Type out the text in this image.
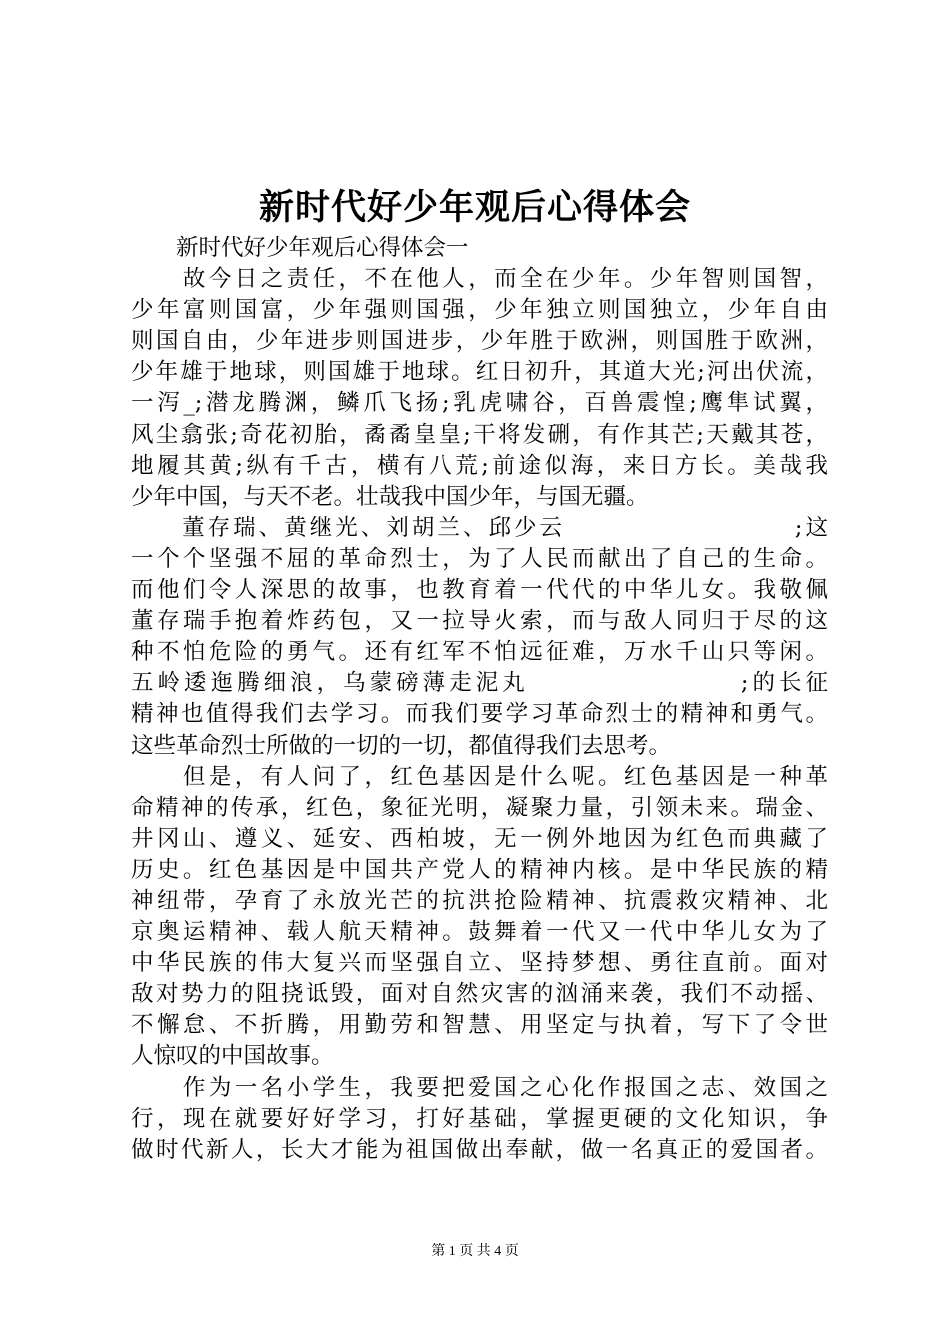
新时代好少年观后心得体会
　　新时代好少年观后心得体会一
　　故今日之责任，不在他人，而全在少年。少年智则国智，
少年富则国富，少年强则国强，少年独立则国独立，少年自由
则国自由，少年进步则国进步，少年胜于欧洲，则国胜于欧洲，
少年雄于地球，则国雄于地球。红日初升，其道大光;河出伏流，
一泻_;潜龙腾渊，鳞爪飞扬;乳虎啸谷，百兽震惶;鹰隼试翼，
风尘翕张;奇花初胎，矞矞皇皇;干将发硎，有作其芒;天戴其苍，
地履其黄;纵有千古，横有八荒;前途似海，来日方长。美哉我
少年中国，与天不老。壮哉我中国少年，与国无疆。
　　董存瑞、黄继光、刘胡兰、邱少云　　　　　　　　　;这
一个个坚强不屈的革命烈士，为了人民而献出了自己的生命。
而他们令人深思的故事，也教育着一代代的中华儿女。我敬佩
董存瑞手抱着炸药包，又一拉导火索，而与敌人同归于尽的这
种不怕危险的勇气。还有红军不怕远征难，万水千山只等闲。
五岭逶迤腾细浪，乌蒙磅薄走泥丸　　　　　　　　;的长征
精神也值得我们去学习。而我们要学习革命烈士的精神和勇气。
这些革命烈士所做的一切的一切，都值得我们去思考。
　　但是，有人问了，红色基因是什么呢。红色基因是一种革
命精神的传承，红色，象征光明，凝聚力量，引领未来。瑞金、
井冈山、遵义、延安、西柏坡，无一例外地因为红色而典藏了
历史。红色基因是中国共产党人的精神内核。是中华民族的精
神纽带，孕育了永放光芒的抗洪抢险精神、抗震救灾精神、北
京奥运精神、载人航天精神。鼓舞着一代又一代中华儿女为了
中华民族的伟大复兴而坚强自立、坚持梦想、勇往直前。面对
敌对势力的阻挠诋毁，面对自然灾害的汹涌来袭，我们不动摇、
不懈怠、不折腾，用勤劳和智慧、用坚定与执着，写下了令世
人惊叹的中国故事。
　　作为一名小学生，我要把爱国之心化作报国之志、效国之
行，现在就要好好学习，打好基础，掌握更硬的文化知识，争
做时代新人，长大才能为祖国做出奉献，做一名真正的爱国者。
第 1 页 共 4 页
